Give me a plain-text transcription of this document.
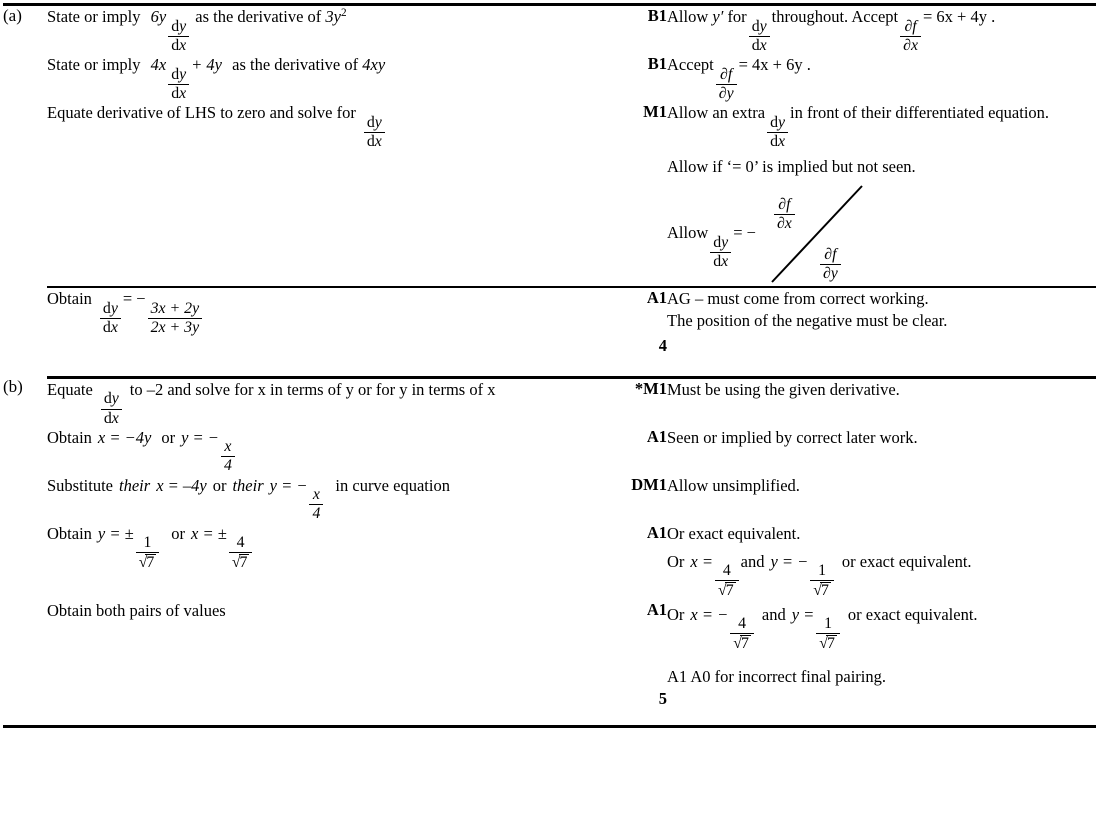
(a)	State or imply 6y
$\frac{dy}{dx}$
as the derivative of $3y^2$	B1	Allow y′ for
$\frac{dy}{dx}$
throughout. Accept
$\frac{\partial f}{\partial x}$
= 6x + 4y .
	State or imply 4x
$\frac{dy}{dx}$
+ 4y as the derivative of 4xy	B1	Accept
$\frac{\partial f}{\partial y}$
= 4x + 6y .
Equate derivative of LHS to zero and solve for
$\frac{dy}{dx}$
	M1	Allow an extra
$\frac{dy}{dx}$
in front of their differentiated equation.
Allow if ‘= 0’ is implied but not seen.
Allow
$\frac{dy}{dx}$
= −
$\frac{\partial f}{\partial x}$
$\frac{\partial f}{\partial y}$

Obtain
$\frac{dy}{dx}$
= −
$\frac{3x + 2y}{2x + 3y}$
	A1	AG – must come from correct working.
The position of the negative must be clear.

		4	
(b)	Equate
$\frac{dy}{dx}$
to –2 and solve for x in terms of y or for y in terms of x	*M1	Must be using the given derivative.
	Obtain x = −4y or y = −
$\frac{x}{4}$	A1	Seen or implied by correct later work.
	Substitute their x = –4y or their y = −
$\frac{x}{4}$
in curve equation	DM1	Allow unsimplified.
Obtain y = ±
$\frac{1}{√7}$
or x = ±
$\frac{4}{√7}$
	A1	Or exact equivalent.
Or x =
$\frac{4}{√7}$
and y = −
$\frac{1}{√7}$
or exact equivalent.

Obtain both pairs of values	A1	Or x = −
$\frac{4}{√7}$
and y =
$\frac{1}{√7}$
or exact equivalent.
A1 A0 for incorrect final pairing.

		5	
